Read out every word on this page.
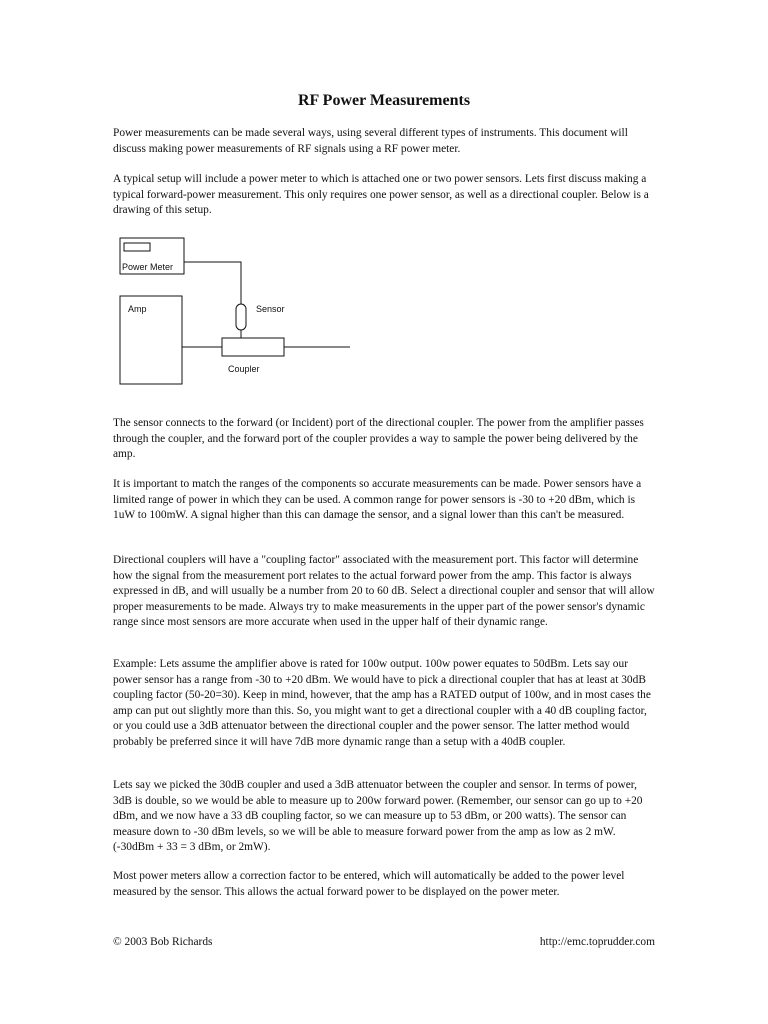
RF Power Measurements

Power measurements can be made several ways, using several different types of instruments. This document will discuss making power measurements of RF signals using a RF power meter.

A typical setup will include a power meter to which is attached one or two power sensors. Lets first discuss making a typical forward-power measurement. This only requires one power sensor, as well as a directional coupler. Below is a drawing of this setup.

Power Meter
Sensor
Amp
Coupler

The sensor connects to the forward (or Incident) port of the directional coupler. The power from the amplifier passes through the coupler, and the forward port of the coupler provides a way to sample the power being delivered by the amp.

It is important to match the ranges of the components so accurate measurements can be made. Power sensors have a limited range of power in which they can be used. A common range for power sensors is -30 to +20 dBm, which is 1uW to 100mW. A signal higher than this can damage the sensor, and a signal lower than this can't be measured.

Directional couplers will have a "coupling factor" associated with the measurement port. This factor will determine how the signal from the measurement port relates to the actual forward power from the amp. This factor is always expressed in dB, and will usually be a number from 20 to 60 dB. Select a directional coupler and sensor that will allow proper measurements to be made. Always try to make measurements in the upper part of the power sensor's dynamic range since most sensors are more accurate when used in the upper half of their dynamic range.

Example: Lets assume the amplifier above is rated for 100w output. 100w power equates to 50dBm. Lets say our power sensor has a range from -30 to +20 dBm. We would have to pick a directional coupler that has at least at 30dB coupling factor (50-20=30). Keep in mind, however, that the amp has a RATED output of 100w, and in most cases the amp can put out slightly more than this. So, you might want to get a directional coupler with a 40 dB coupling factor, or you could use a 3dB attenuator between the directional coupler and the power sensor. The latter method would probably be preferred since it will have 7dB more dynamic range than a setup with a 40dB coupler.

Lets say we picked the 30dB coupler and used a 3dB attenuator between the coupler and sensor. In terms of power, 3dB is double, so we would be able to measure up to 200w forward power. (Remember, our sensor can go up to +20 dBm, and we now have a 33 dB coupling factor, so we can measure up to 53 dBm, or 200 watts). The sensor can measure down to -30 dBm levels, so we will be able to measure forward power from the amp as low as 2 mW. (-30dBm + 33 = 3 dBm, or 2mW).

Most power meters allow a correction factor to be entered, which will automatically be added to the power level measured by the sensor. This allows the actual forward power to be displayed on the power meter.

© 2003 Bob Richards	http://emc.toprudder.com
